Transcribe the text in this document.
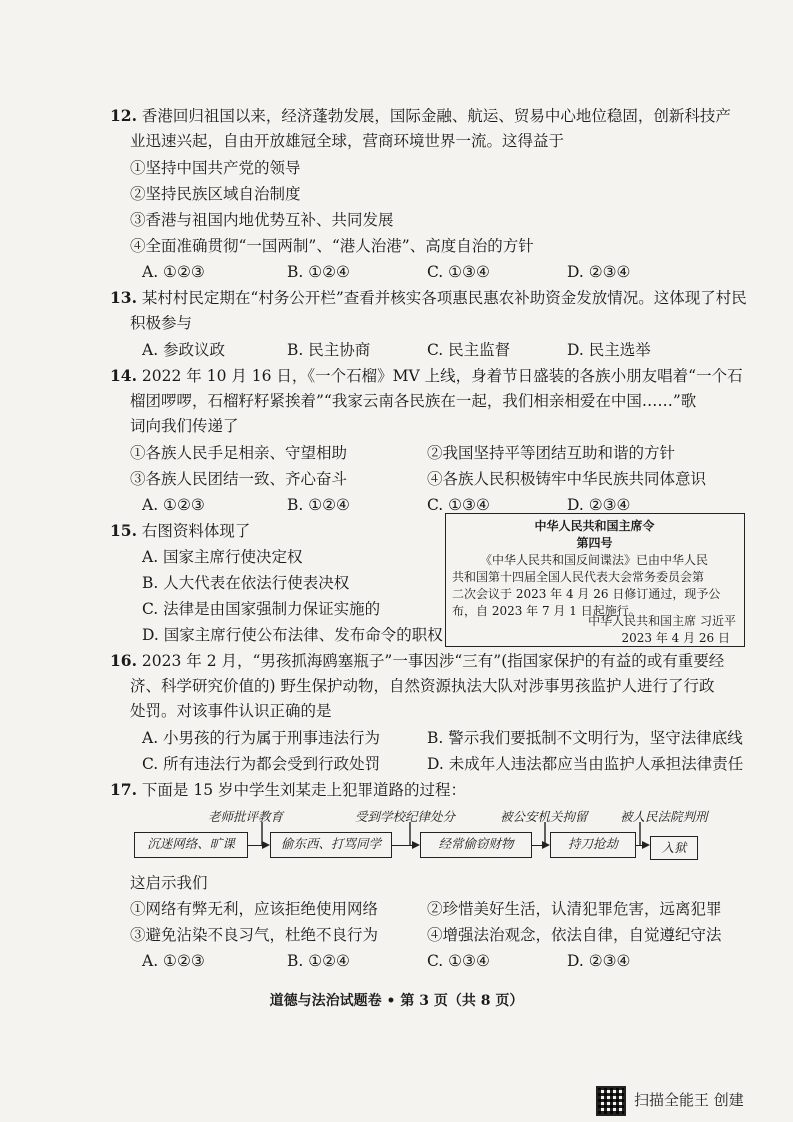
12. 香港回归祖国以来，经济蓬勃发展，国际金融、航运、贸易中心地位稳固，创新科技产
业迅速兴起，自由开放雄冠全球，营商环境世界一流。这得益于
①坚持中国共产党的领导
②坚持民族区域自治制度
③香港与祖国内地优势互补、共同发展
④全面准确贯彻“一国两制”、“港人治港”、高度自治的方针
A. ①②③	B. ①②④	C. ①③④	D. ②③④
13. 某村村民定期在“村务公开栏”查看并核实各项惠民惠农补助资金发放情况。这体现了村民
积极参与
A. 参政议政	B. 民主协商	C. 民主监督	D. 民主选举
14. 2022 年 10 月 16 日，《一个石榴》MV 上线，身着节日盛装的各族小朋友唱着“一个石
榴团啰啰，石榴籽籽紧挨着”“我家云南各民族在一起，我们相亲相爱在中国……”歌
词向我们传递了
①各族人民手足相亲、守望相助	②我国坚持平等团结互助和谐的方针
③各族人民团结一致、齐心奋斗	④各族人民积极铸牢中华民族共同体意识
A. ①②③	B. ①②④	C. ①③④	D. ②③④
15. 右图资料体现了
A. 国家主席行使决定权
B. 人大代表在依法行使表决权
C. 法律是由国家强制力保证实施的
D. 国家主席行使公布法律、发布命令的职权
中华人民共和国主席令
第四号
《中华人民共和国反间谍法》已由中华人民
共和国第十四届全国人民代表大会常务委员会第
二次会议于 2023 年 4 月 26 日修订通过，现予公
布，自 2023 年 7 月 1 日起施行。
中华人民共和国主席 习近平
2023 年 4 月 26 日
16. 2023 年 2 月，“男孩抓海鸥塞瓶子”一事因涉“三有”(指国家保护的有益的或有重要经
济、科学研究价值的) 野生保护动物，自然资源执法大队对涉事男孩监护人进行了行政
处罚。对该事件认识正确的是
A. 小男孩的行为属于刑事违法行为	B. 警示我们要抵制不文明行为，坚守法律底线
C. 所有违法行为都会受到行政处罚	D. 未成年人违法都应当由监护人承担法律责任
17. 下面是 15 岁中学生刘某走上犯罪道路的过程：
老师批评教育	受到学校纪律处分	被公安机关拘留	被人民法院判刑
沉迷网络、旷课	偷东西、打骂同学	经常偷窃财物	持刀抢劫	入狱
这启示我们
①网络有弊无利，应该拒绝使用网络	②珍惜美好生活，认清犯罪危害，远离犯罪
③避免沾染不良习气，杜绝不良行为	④增强法治观念，依法自律，自觉遵纪守法
A. ①②③	B. ①②④	C. ①③④	D. ②③④
道德与法治试题卷 • 第 3 页（共 8 页）
扫描全能王 创建
